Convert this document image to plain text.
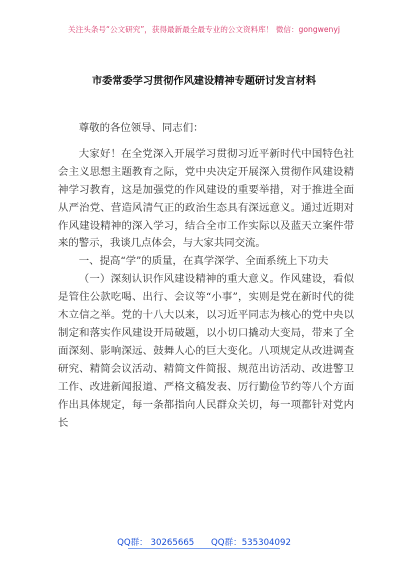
关注头条号“公文研究”，获得最新最全最专业的公文资料库！ 微信：gongwenyj
市委常委学习贯彻作风建设精神专题研讨发言材料

尊敬的各位领导、同志们：

大家好！在全党深入开展学习贯彻习近平新时代中国特色社会主义思想主题教育之际，党中央决定开展深入贯彻作风建设精神学习教育，这是加强党的作风建设的重要举措，对于推进全面从严治党、营造风清气正的政治生态具有深远意义。通过近期对作风建设精神的深入学习，结合全市工作实际以及蓝天立案件带来的警示，我谈几点体会，与大家共同交流。

一、提高“学”的质量，在真学深学、全面系统上下功夫

（一）深刻认识作风建设精神的重大意义。作风建设，看似是管住公款吃喝、出行、会议等“小事”，实则是党在新时代的徙木立信之举。党的十八大以来，以习近平同志为核心的党中央以制定和落实作风建设开局破题，以小切口撬动大变局，带来了全面深刻、影响深远、鼓舞人心的巨大变化。八项规定从改进调查研究、精简会议活动、精简文件简报、规范出访活动、改进警卫工作、改进新闻报道、严格文稿发表、厉行勤俭节约等八个方面作出具体规定，每一条都指向人民群众关切，每一项都针对党内长

QQ群： 30265665 QQ群：535304092
